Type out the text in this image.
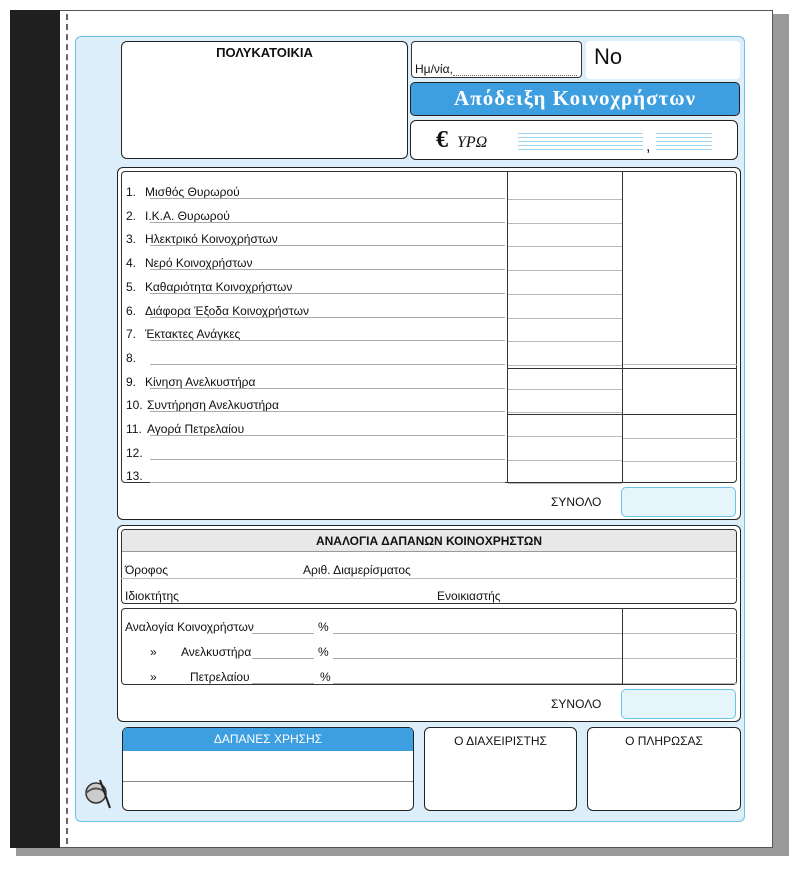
ΠΟΛΥΚΑΤΟΙΚΙΑ
Ημ/νία,	Νο
Απόδειξη Κοινοχρήστων
€ ΥΡΩ	,
1. Μισθός Θυρωρού
2. Ι.Κ.Α. Θυρωρού
3. Ηλεκτρικό Κοινοχρήστων
4. Νερό Κοινοχρήστων
5. Καθαριότητα Κοινοχρήστων
6. Διάφορα Έξοδα Κοινοχρήστων
7. Έκτακτες Ανάγκες
8.
9. Κίνηση Ανελκυστήρα
10. Συντήρηση Ανελκυστήρα
11. Αγορά Πετρελαίου
12.
13.
ΣΥΝΟΛΟ
ΑΝΑΛΟΓΙΑ ΔΑΠΑΝΩΝ ΚΟΙΝΟΧΡΗΣΤΩΝ
Όροφος	Αριθ. Διαμερίσματος
Ιδιοκτήτης	Ενοικιαστής
Αναλογία Κοινοχρήστων	%
» Ανελκυστήρα	%
»	Πετρελαίου	%
ΣΥΝΟΛΟ
ΔΑΠΑΝΕΣ ΧΡΗΣΗΣ	Ο ΔΙΑΧΕΙΡΙΣΤΗΣ	Ο ΠΛΗΡΩΣΑΣ
